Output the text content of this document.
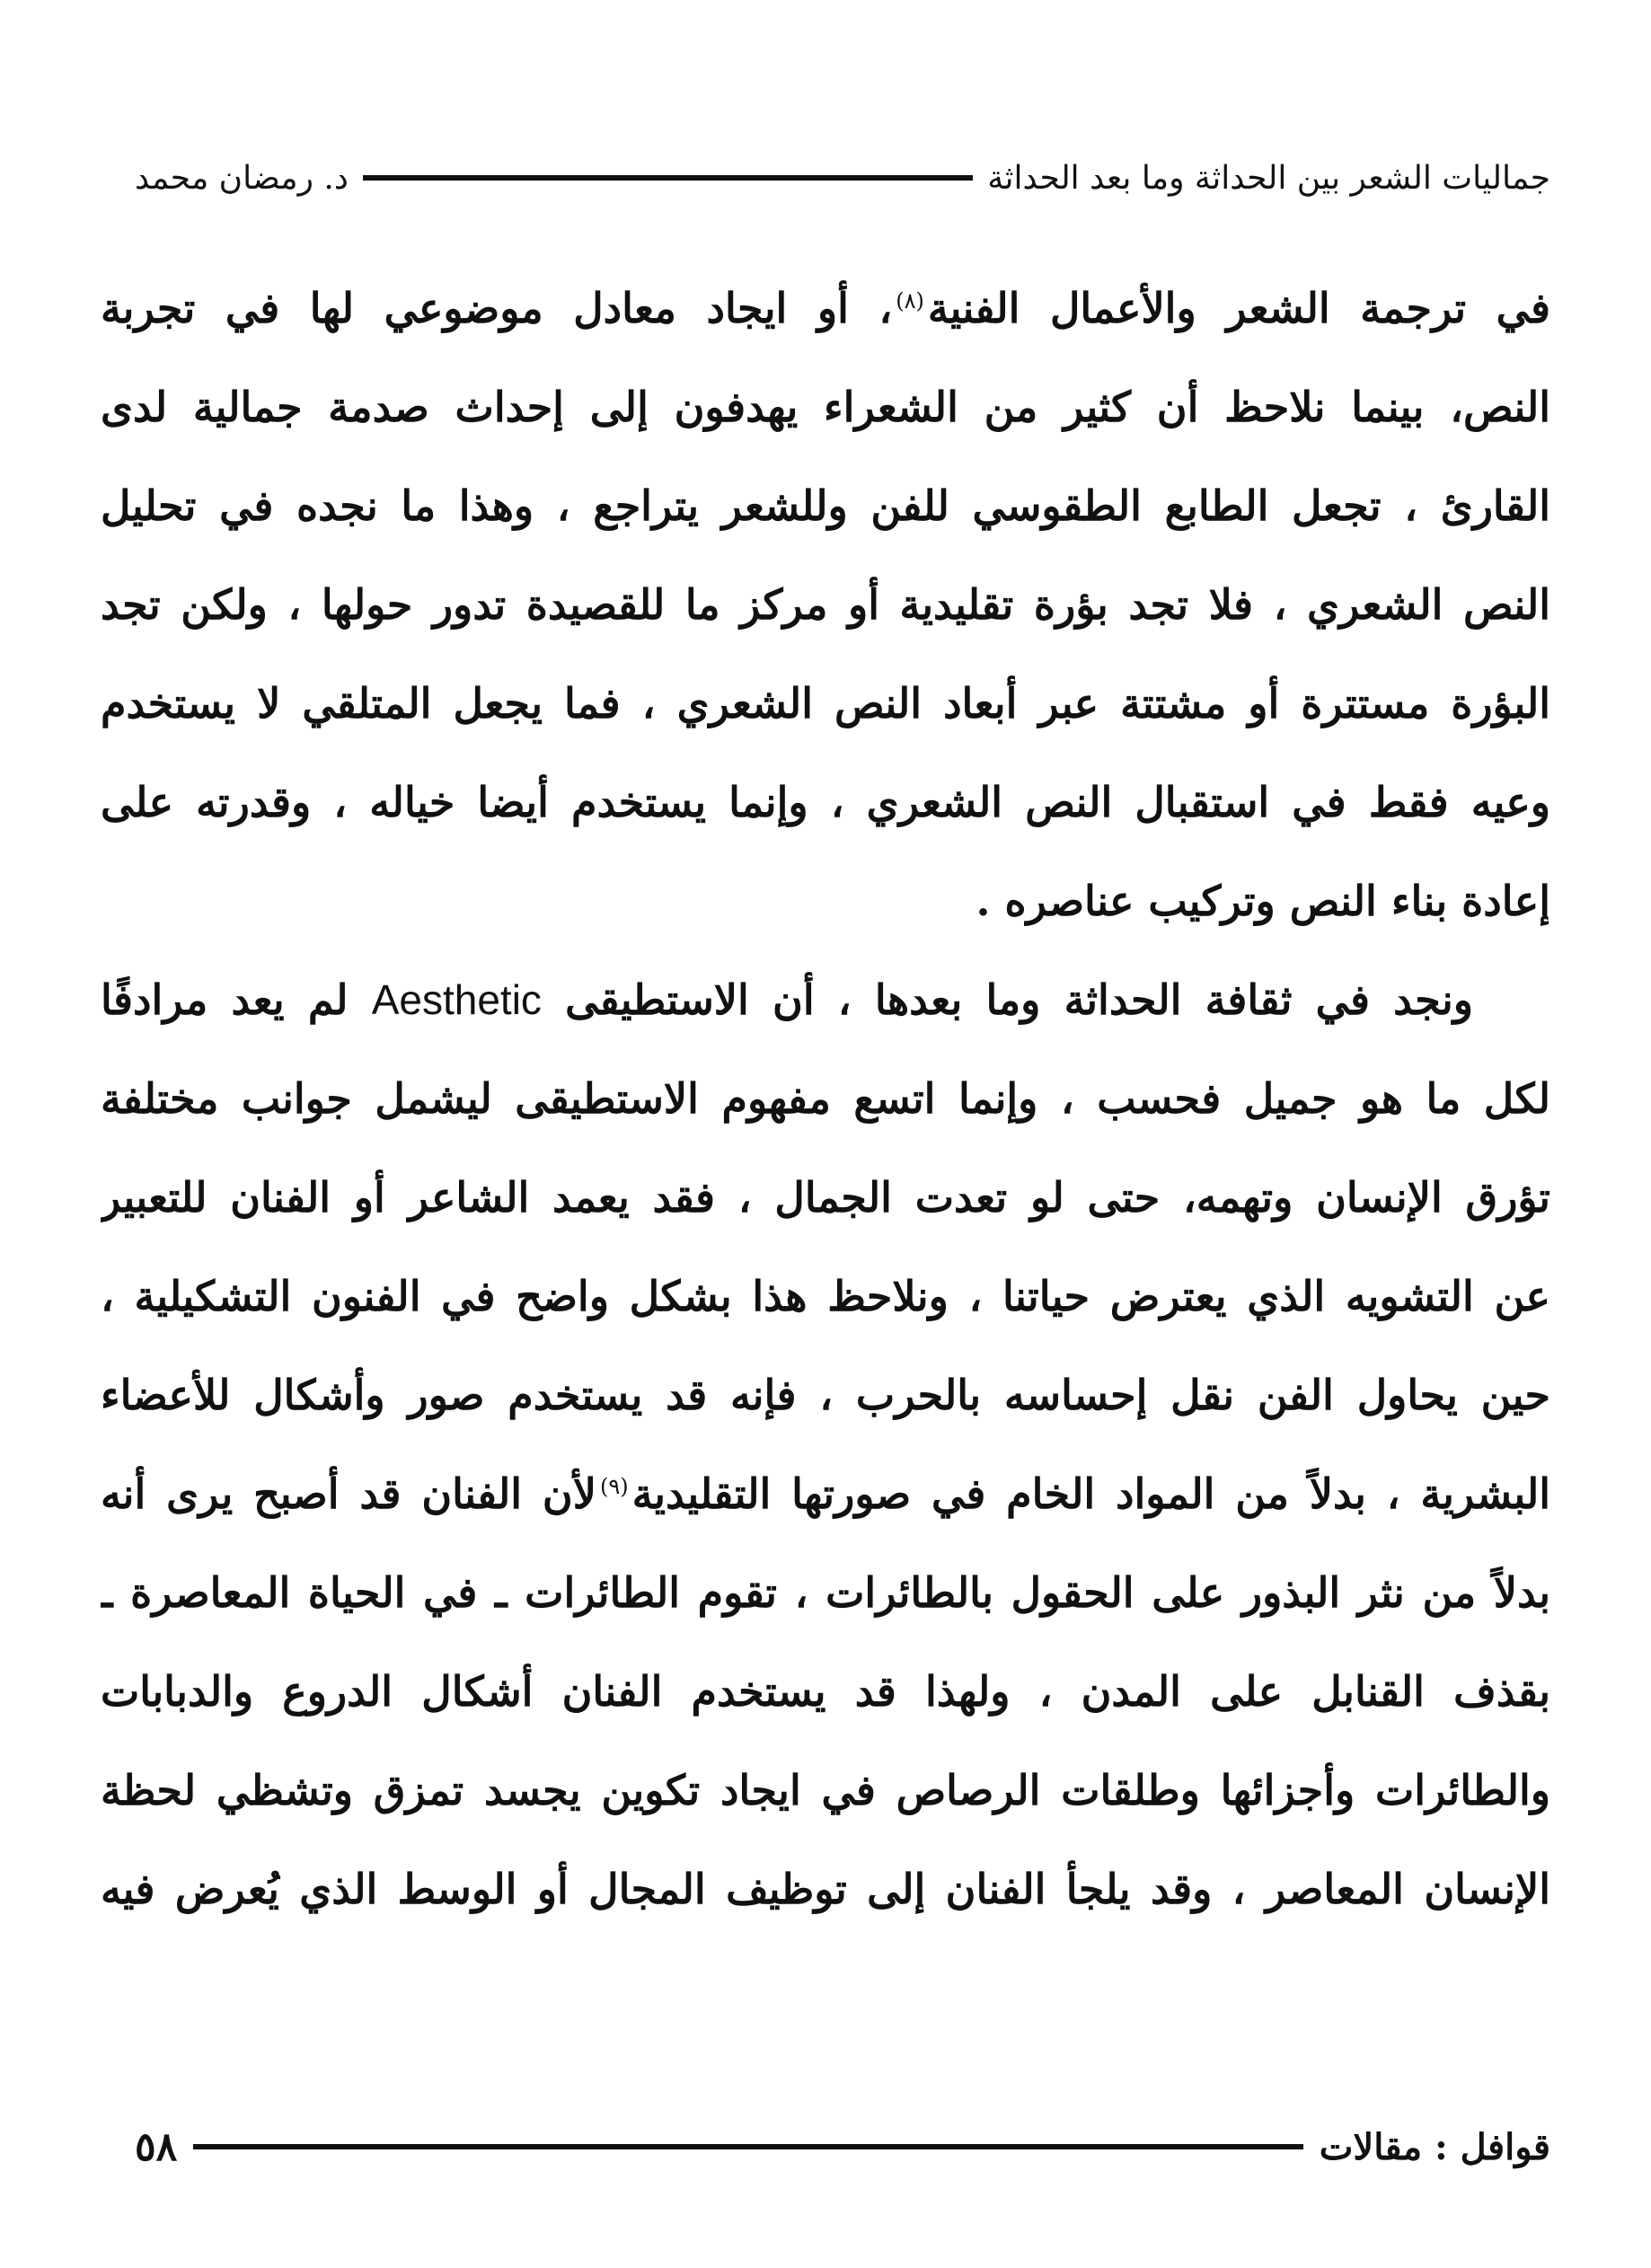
جماليات الشعر بين الحداثة وما بعد الحداثة
د. رمضان محمد
في ترجمة الشعر والأعمال الفنية$^{(٨)}$، أو ايجاد معادل موضوعي لها في تجربة
النص، بينما نلاحظ أن كثير من الشعراء يهدفون إلى إحداث صدمة جمالية لدى
القارئ ، تجعل الطابع الطقوسي للفن وللشعر يتراجع ، وهذا ما نجده في تحليل
النص الشعري ، فلا تجد بؤرة تقليدية أو مركز ما للقصيدة تدور حولها ، ولكن تجد
البؤرة مستترة أو مشتتة عبر أبعاد النص الشعري ، فما يجعل المتلقي لا يستخدم
وعيه فقط في استقبال النص الشعري ، وإنما يستخدم أيضا خياله ، وقدرته على
إعادة بناء النص وتركيب عناصره .
ونجد في ثقافة الحداثة وما بعدها ، أن الاستطيقى Aesthetic لم يعد مرادفًا
لكل ما هو جميل فحسب ، وإنما اتسع مفهوم الاستطيقى ليشمل جوانب مختلفة
تؤرق الإنسان وتهمه، حتى لو تعدت الجمال ، فقد يعمد الشاعر أو الفنان للتعبير
عن التشويه الذي يعترض حياتنا ، ونلاحظ هذا بشكل واضح في الفنون التشكيلية ،
حين يحاول الفن نقل إحساسه بالحرب ، فإنه قد يستخدم صور وأشكال للأعضاء
البشرية ، بدلاً من المواد الخام في صورتها التقليدية$^{(٩)}$لأن الفنان قد أصبح يرى أنه
بدلاً من نثر البذور على الحقول بالطائرات ، تقوم الطائرات ـ في الحياة المعاصرة ـ
بقذف القنابل على المدن ، ولهذا قد يستخدم الفنان أشكال الدروع والدبابات
والطائرات وأجزائها وطلقات الرصاص في ايجاد تكوين يجسد تمزق وتشظي لحظة
الإنسان المعاصر ، وقد يلجأ الفنان إلى توظيف المجال أو الوسط الذي يُعرض فيه
قوافل : مقالات
٥٨
